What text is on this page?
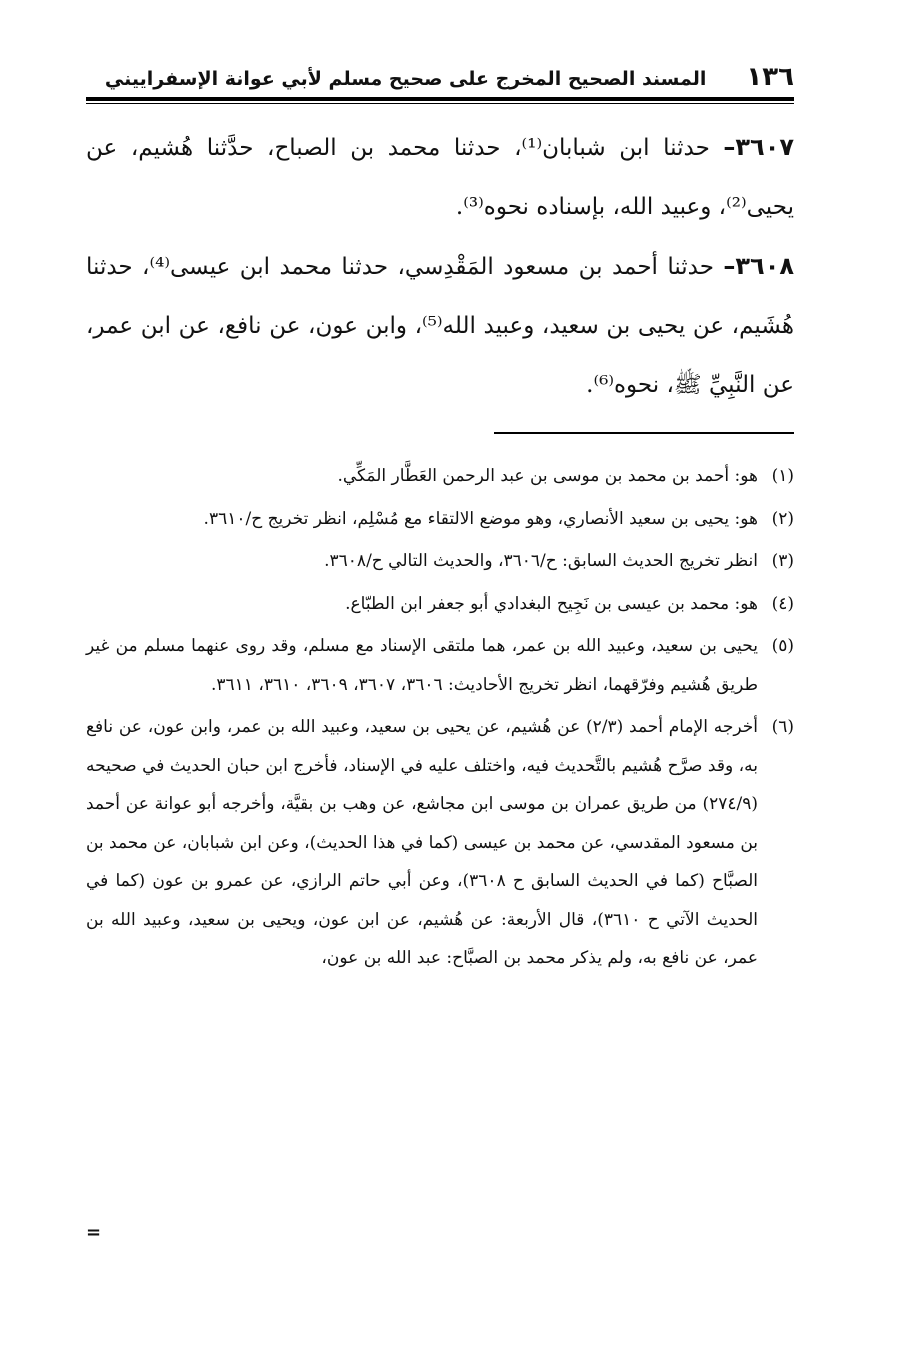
١٣٦
المسند الصحيح المخرج على صحيح مسلم لأبي عوانة الإسفراييني

٣٦٠٧– حدثنا ابن شبابان⁽¹⁾، حدثنا محمد بن الصباح، حدَّثنا هُشيم، عن يحيى⁽²⁾، وعبيد الله، بإسناده نحوه⁽³⁾.

٣٦٠٨– حدثنا أحمد بن مسعود المَقْدِسي، حدثنا محمد ابن عيسى⁽⁴⁾، حدثنا هُشَيم، عن يحيى بن سعيد، وعبيد الله⁽⁵⁾، وابن عون، عن نافع، عن ابن عمر، عن النَّبِيِّ ﷺ، نحوه⁽⁶⁾.

(١)
هو: أحمد بن محمد بن موسى بن عبد الرحمن العَطَّار المَكِّي.

(٢)
هو: يحيى بن سعيد الأنصاري، وهو موضع الالتقاء مع مُسْلِم، انظر تخريج ح/٣٦١٠.

(٣)
انظر تخريج الحديث السابق: ح/٣٦٠٦، والحديث التالي ح/٣٦٠٨.

(٤)
هو: محمد بن عيسى بن نَجِيح البغدادي أبو جعفر ابن الطبّاع.

(٥)
يحيى بن سعيد، وعبيد الله بن عمر، هما ملتقى الإسناد مع مسلم، وقد روى عنهما مسلم من غير طريق هُشيم وفرّقهما، انظر تخريج الأحاديث: ٣٦٠٦، ٣٦٠٧، ٣٦٠٩، ٣٦١٠، ٣٦١١.

(٦)
أخرجه الإمام أحمد (٢/٣) عن هُشيم، عن يحيى بن سعيد، وعبيد الله بن عمر، وابن عون، عن نافع به، وقد صرَّح هُشيم بالتَّحديث فيه، واختلف عليه في الإسناد، فأخرج ابن حبان الحديث في صحيحه (٢٧٤/٩) من طريق عمران بن موسى ابن مجاشع، عن وهب بن بقيَّة، وأخرجه أبو عوانة عن أحمد بن مسعود المقدسي، عن محمد بن عيسى (كما في هذا الحديث)، وعن ابن شبابان، عن محمد بن الصبَّاح (كما في الحديث السابق ح ٣٦٠٨)، وعن أبي حاتم الرازي، عن عمرو بن عون (كما في الحديث الآتي ح ٣٦١٠)، قال الأربعة: عن هُشيم، عن ابن عون، ويحيى بن سعيد، وعبيد الله بن عمر، عن نافع به، ولم يذكر محمد بن الصبَّاح: عبد الله بن عون،

=
